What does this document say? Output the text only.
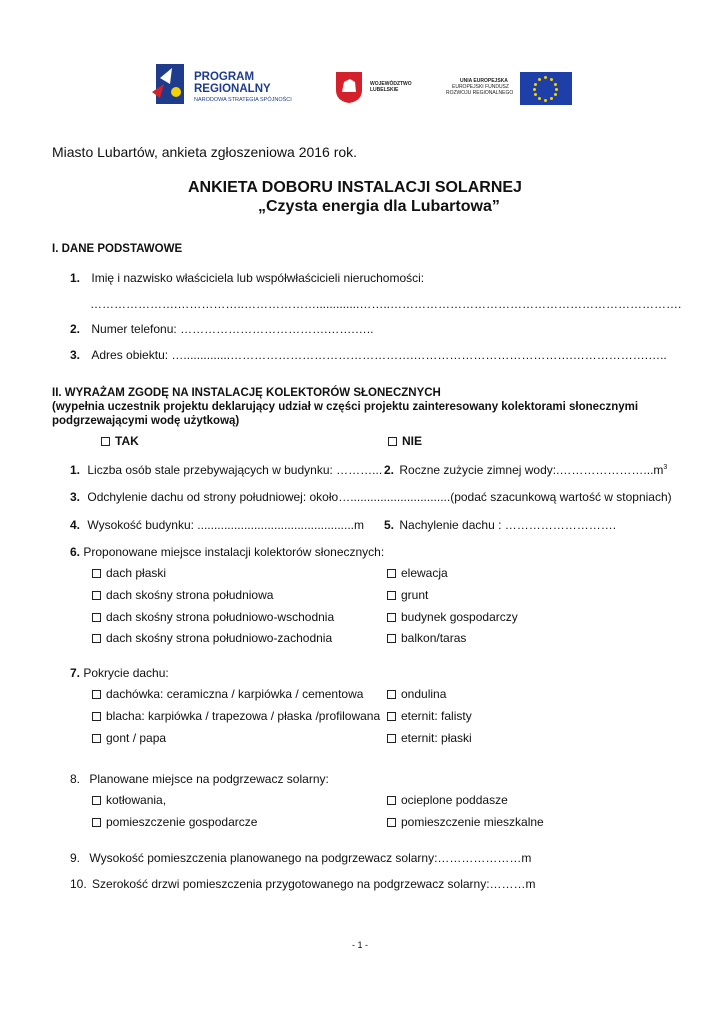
PROGRAM
REGIONALNY
NARODOWA STRATEGIA SPÓJNOŚCI
WOJEWÓDZTWO
LUBELSKIE
UNIA EUROPEJSKA
EUROPEJSKI FUNDUSZ
ROZWOJU REGIONALNEGO
Miasto Lubartów, ankieta zgłoszeniowa 2016 rok.
ANKIETA DOBORU INSTALACJI SOLARNEJ
„Czysta energia dla Lubartowa”
I. DANE PODSTAWOWE
1. Imię i nazwisko właściciela lub współwłaścicieli nieruchomości:
………………….……………..……………….............……..……………………………………………………………….
2. Numer telefonu: ……………………………….…….…..
3. Adres obiektu: …..............……………………………………….………………………………….……………….…..
II. WYRAŻAM ZGODĘ NA INSTALACJĘ KOLEKTORÓW SŁONECZNYCH
(wypełnia uczestnik projektu deklarujący udział w części projektu zainteresowany kolektorami słonecznymi
podgrzewającymi wodę użytkową)
TAK	NIE
1. Liczba osób stale przebywających w budynku: ………... 2. Roczne zużycie zimnej $wody:.\dots\dots\dots\dots\dots\dots\dots...m^3$
3. Odchylenie dachu od strony południowej: około…..............................(podać szacunkową wartość w stopniach)
4. Wysokość budynku: ...............................................m 5. Nachylenie dachu : ……………………….
6. Proponowane miejsce instalacji kolektorów słonecznych:
dach płaski
dach skośny strona południowa
dach skośny strona południowo-wschodnia
dach skośny strona południowo-zachodnia
elewacja
grunt
budynek gospodarczy
balkon/taras
7. Pokrycie dachu:
dachówka: ceramiczna / karpiówka / cementowa
blacha: karpiówka / trapezowa / płaska /profilowana
gont / papa
ondulina
eternit: falisty
eternit: płaski
8. Planowane miejsce na podgrzewacz solarny:
kotłowania,
pomieszczenie gospodarcze
ocieplone poddasze
pomieszczenie mieszkalne
9. Wysokość pomieszczenia planowanego na podgrzewacz solarny:…………………m
10. Szerokość drzwi pomieszczenia przygotowanego na podgrzewacz solarny:………m
- 1 -
